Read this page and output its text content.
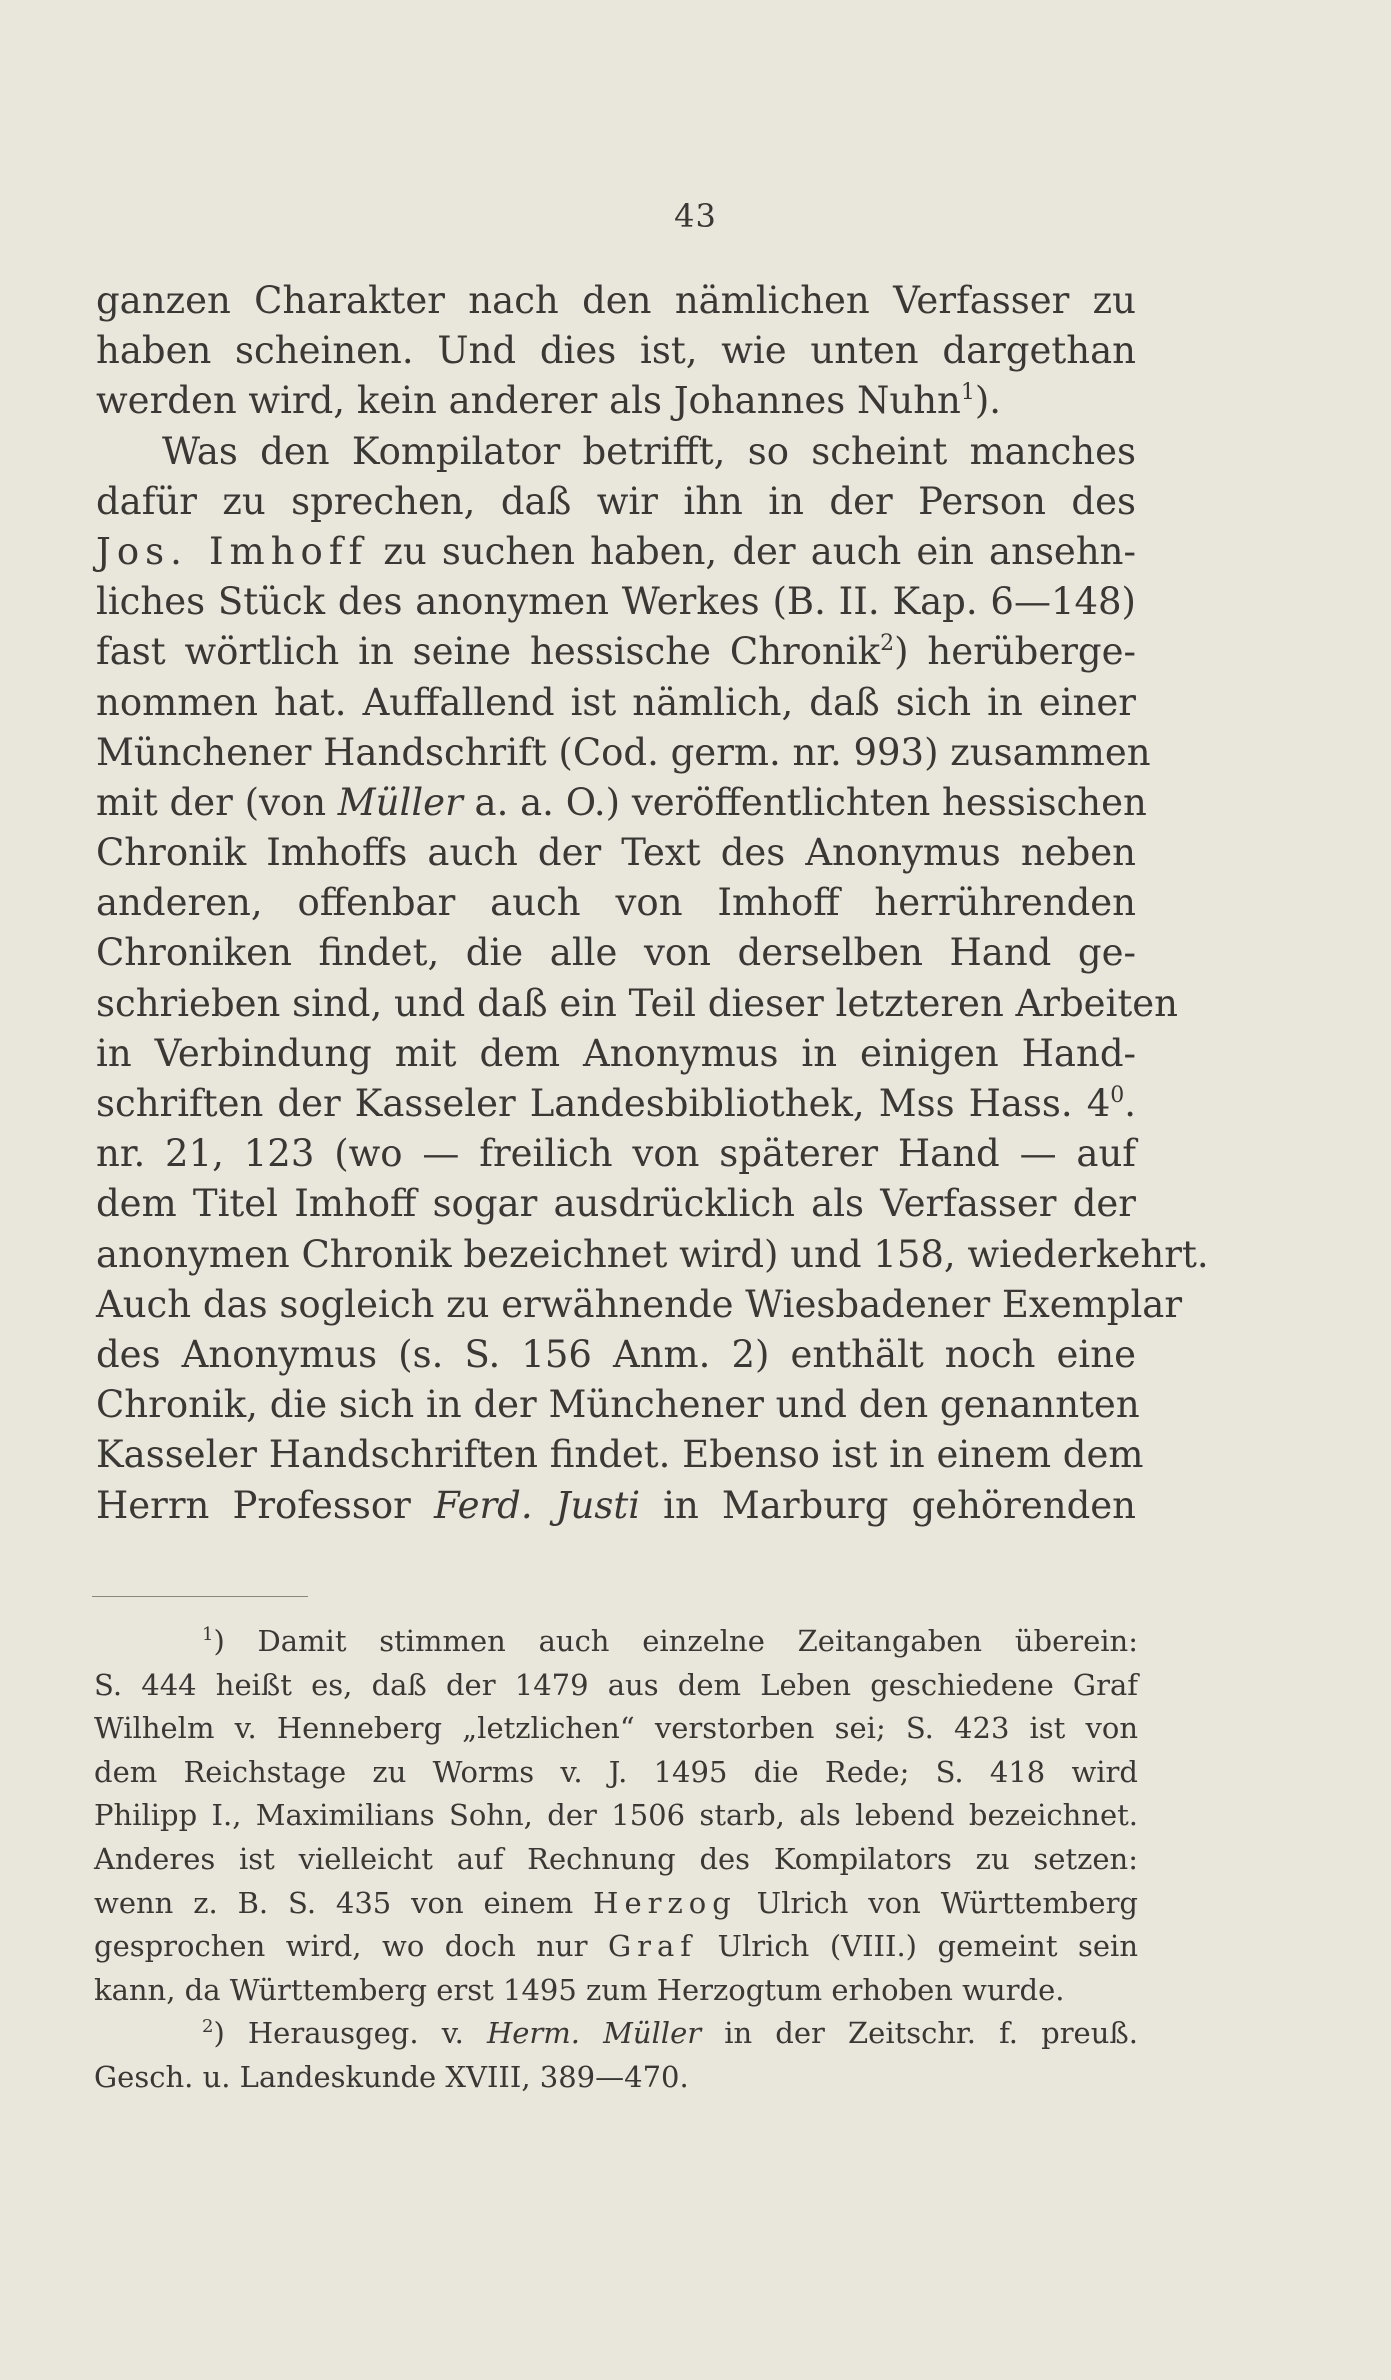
43
ganzen Charakter nach den nämlichen Verfasser zu
haben scheinen. Und dies ist, wie unten dargethan
werden wird, kein anderer als Johannes Nuhn$^1$).
Was den Kompilator betrifft, so scheint manches
dafür zu sprechen, daß wir ihn in der Person des
Jos. Imhoff zu suchen haben, der auch ein ansehn-
liches Stück des anonymen Werkes (B. II. Kap. 6—148)
fast wörtlich in seine hessische Chronik$^2$) herüberge-
nommen hat. Auffallend ist nämlich, daß sich in einer
Münchener Handschrift (Cod. germ. nr. 993) zusammen
mit der (von Müller a. a. O.) veröffentlichten hessischen
Chronik Imhoffs auch der Text des Anonymus neben
anderen, offenbar auch von Imhoff herrührenden
Chroniken findet, die alle von derselben Hand ge-
schrieben sind, und daß ein Teil dieser letzteren Arbeiten
in Verbindung mit dem Anonymus in einigen Hand-
schriften der Kasseler Landesbibliothek, Mss Hass. $4^0$.
nr. 21, 123 (wo — freilich von späterer Hand — auf
dem Titel Imhoff sogar ausdrücklich als Verfasser der
anonymen Chronik bezeichnet wird) und 158, wiederkehrt.
Auch das sogleich zu erwähnende Wiesbadener Exemplar
des Anonymus (s. S. 156 Anm. 2) enthält noch eine
Chronik, die sich in der Münchener und den genannten
Kasseler Handschriften findet. Ebenso ist in einem dem
Herrn Professor Ferd. Justi in Marburg gehörenden
$^1$) Damit stimmen auch einzelne Zeitangaben überein:
S. 444 heißt es, daß der 1479 aus dem Leben geschiedene Graf
Wilhelm v. Henneberg „letzlichen“ verstorben sei; S. 423 ist von
dem Reichstage zu Worms v. J. 1495 die Rede; S. 418 wird
Philipp I., Maximilians Sohn, der 1506 starb, als lebend bezeichnet.
Anderes ist vielleicht auf Rechnung des Kompilators zu setzen:
wenn z. B. S. 435 von einem Herzog Ulrich von Württemberg
gesprochen wird, wo doch nur Graf Ulrich (VIII.) gemeint sein
kann, da Württemberg erst 1495 zum Herzogtum erhoben wurde.
$^2$) Herausgeg. v. Herm. Müller in der Zeitschr. f. preuß.
Gesch. u. Landeskunde XVIII, 389—470.
